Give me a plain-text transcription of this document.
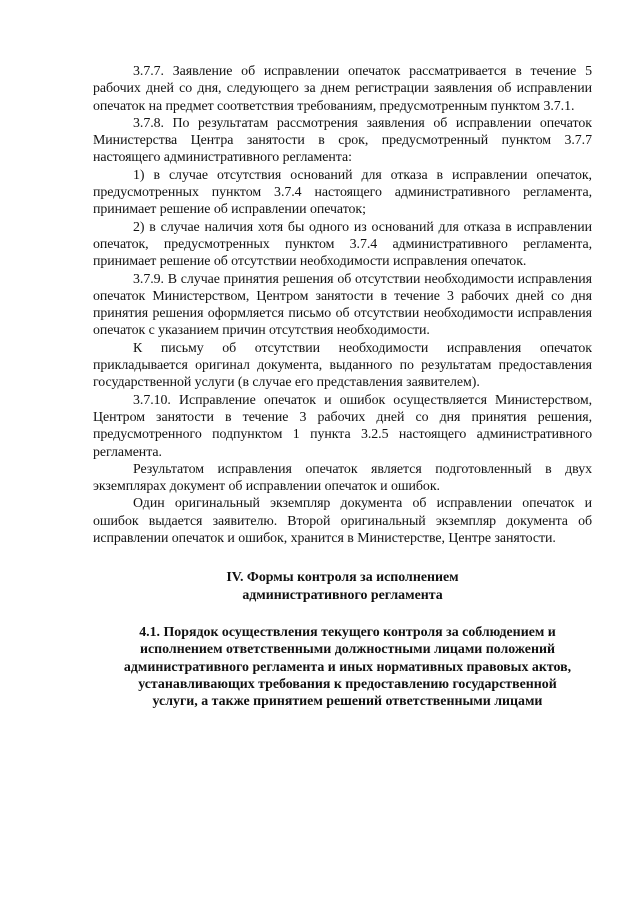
3.7.7. Заявление об исправлении опечаток рассматривается в течение 5 рабочих дней со дня, следующего за днем регистрации заявления об исправлении опечаток на предмет соответствия требованиям, предусмотренным пунктом 3.7.1.

3.7.8. По результатам рассмотрения заявления об исправлении опечаток Министерства Центра занятости в срок, предусмотренный пунктом 3.7.7 настоящего административного регламента:

1) в случае отсутствия оснований для отказа в исправлении опечаток, предусмотренных пунктом 3.7.4 настоящего административного регламента, принимает решение об исправлении опечаток;

2) в случае наличия хотя бы одного из оснований для отказа в исправлении опечаток, предусмотренных пунктом 3.7.4 административного регламента, принимает решение об отсутствии необходимости исправления опечаток.

3.7.9. В случае принятия решения об отсутствии необходимости исправления опечаток Министерством, Центром занятости в течение 3 рабочих дней со дня принятия решения оформляется письмо об отсутствии необходимости исправления опечаток с указанием причин отсутствия необходимости.

К письму об отсутствии необходимости исправления опечаток прикладывается оригинал документа, выданного по результатам предоставления государственной услуги (в случае его представления заявителем).

3.7.10. Исправление опечаток и ошибок осуществляется Министерством, Центром занятости в течение 3 рабочих дней со дня принятия решения, предусмотренного подпунктом 1 пункта 3.2.5 настоящего административного регламента.

Результатом исправления опечаток является подготовленный в двух экземплярах документ об исправлении опечаток и ошибок.

Один оригинальный экземпляр документа об исправлении опечаток и ошибок выдается заявителю. Второй оригинальный экземпляр документа об исправлении опечаток и ошибок, хранится в Министерстве, Центре занятости.

IV. Формы контроля за исполнением
административного регламента
4.1. Порядок осуществления текущего контроля за соблюдением и
исполнением ответственными должностными лицами положений
административного регламента и иных нормативных правовых актов,
устанавливающих требования к предоставлению государственной
услуги, а также принятием решений ответственными лицами
